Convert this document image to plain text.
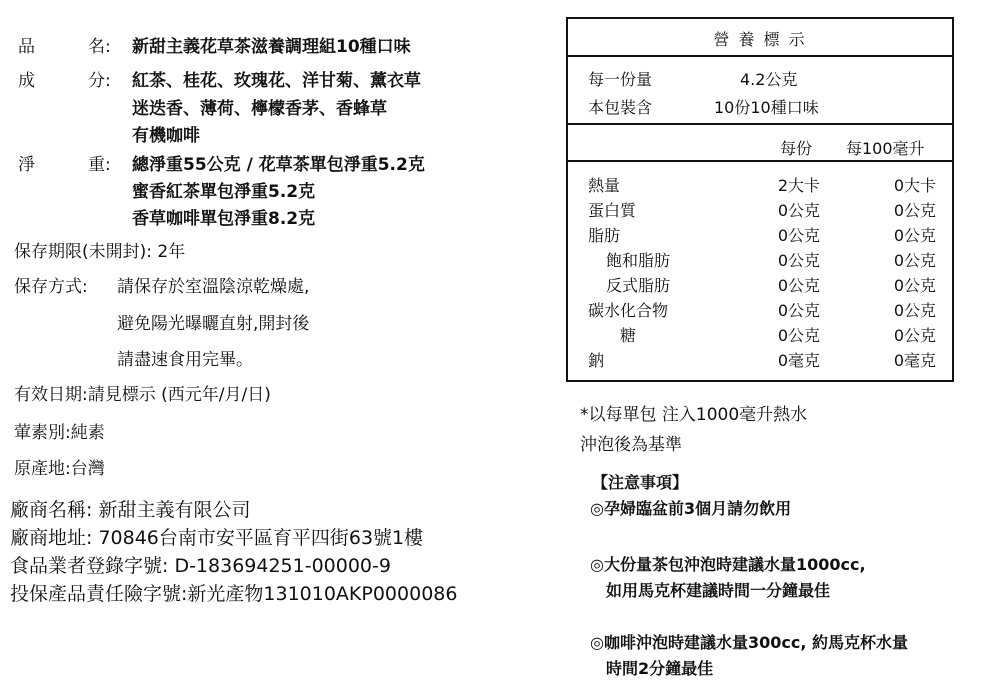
品	名: 新甜主義花草茶滋養調理組10種口味
成	分: 紅茶、桂花、玫瑰花、洋甘菊、薰衣草
迷迭香、薄荷、檸檬香茅、香蜂草
有機咖啡
淨	重: 總淨重55公克 / 花草茶單包淨重5.2克
蜜香紅茶單包淨重5.2克
香草咖啡單包淨重8.2克
保存期限(未開封): 2年
保存方式: 請保存於室溫陰涼乾燥處,
避免陽光曝曬直射,開封後
請盡速食用完畢。
有效日期:請見標示 (西元年/月/日)
葷素別:純素
原產地:台灣
廠商名稱: 新甜主義有限公司
廠商地址: 70846台南市安平區育平四街63號1樓
食品業者登錄字號: D-183694251-00000-9
投保產品責任險字號:新光產物131010AKP0000086
營 養 標 示
每一份量	4.2公克
本包裝含	10份10種口味
每份 每100毫升
熱量	2大卡	0大卡
蛋白質	0公克	0公克
脂肪	0公克	0公克
飽和脂肪	0公克	0公克
反式脂肪	0公克	0公克
碳水化合物	0公克	0公克
糖	0公克	0公克
鈉	0毫克	0毫克
*以每單包 注入1000毫升熱水
沖泡後為基準
【注意事項】
◎孕婦臨盆前3個月請勿飲用
◎大份量茶包沖泡時建議水量1000cc,
如用馬克杯建議時間一分鐘最佳
◎咖啡沖泡時建議水量300cc, 約馬克杯水量
時間2分鐘最佳
